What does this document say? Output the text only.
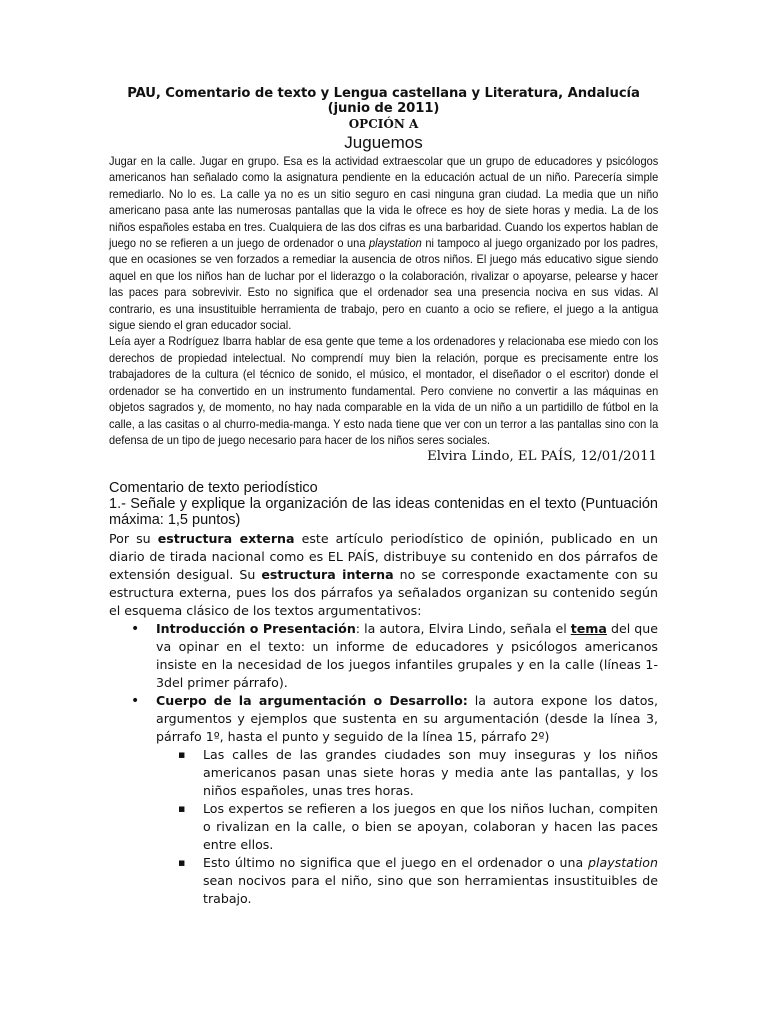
PAU, Comentario de texto y Lengua castellana y Literatura, Andalucía (junio de 2011)
OPCIÓN A
Juguemos

Jugar en la calle. Jugar en grupo. Esa es la actividad extraescolar que un grupo de educadores y psicólogos americanos han señalado como la asignatura pendiente en la educación actual de un niño. Parecería simple remediarlo. No lo es. La calle ya no es un sitio seguro en casi ninguna gran ciudad. La media que un niño americano pasa ante las numerosas pantallas que la vida le ofrece es hoy de siete horas y media. La de los niños españoles estaba en tres. Cualquiera de las dos cifras es una barbaridad. Cuando los expertos hablan de juego no se refieren a un juego de ordenador o una playstation ni tampoco al juego organizado por los padres, que en ocasiones se ven forzados a remediar la ausencia de otros niños. El juego más educativo sigue siendo aquel en que los niños han de luchar por el liderazgo o la colaboración, rivalizar o apoyarse, pelearse y hacer las paces para sobrevivir. Esto no significa que el ordenador sea una presencia nociva en sus vidas. Al contrario, es una insustituible herramienta de trabajo, pero en cuanto a ocio se refiere, el juego a la antigua sigue siendo el gran educador social.

Leía ayer a Rodríguez Ibarra hablar de esa gente que teme a los ordenadores y relacionaba ese miedo con los derechos de propiedad intelectual. No comprendí muy bien la relación, porque es precisamente entre los trabajadores de la cultura (el técnico de sonido, el músico, el montador, el diseñador o el escritor) donde el ordenador se ha convertido en un instrumento fundamental. Pero conviene no convertir a las máquinas en objetos sagrados y, de momento, no hay nada comparable en la vida de un niño a un partidillo de fútbol en la calle, a las casitas o al churro-media-manga. Y esto nada tiene que ver con un terror a las pantallas sino con la defensa de un tipo de juego necesario para hacer de los niños seres sociales.

Elvira Lindo, EL PAÍS, 12/01/2011
Comentario de texto periodístico
1.- Señale y explique la organización de las ideas contenidas en el texto (Puntuación máxima: 1,5 puntos)

Por su estructura externa este artículo periodístico de opinión, publicado en un diario de tirada nacional como es EL PAÍS, distribuye su contenido en dos párrafos de extensión desigual. Su estructura interna no se corresponde exactamente con su estructura externa, pues los dos párrafos ya señalados organizan su contenido según el esquema clásico de los textos argumentativos:

• Introducción o Presentación: la autora, Elvira Lindo, señala el tema del que va opinar en el texto: un informe de educadores y psicólogos americanos insiste en la necesidad de los juegos infantiles grupales y en la calle (líneas 1-3del primer párrafo).
• Cuerpo de la argumentación o Desarrollo: la autora expone los datos, argumentos y ejemplos que sustenta en su argumentación (desde la línea 3, párrafo 1º, hasta el punto y seguido de la línea 15, párrafo 2º)
▪ Las calles de las grandes ciudades son muy inseguras y los niños americanos pasan unas siete horas y media ante las pantallas, y los niños españoles, unas tres horas.
▪ Los expertos se refieren a los juegos en que los niños luchan, compiten o rivalizan en la calle, o bien se apoyan, colaboran y hacen las paces entre ellos.
▪ Esto último no significa que el juego en el ordenador o una playstation sean nocivos para el niño, sino que son herramientas insustituibles de trabajo.
